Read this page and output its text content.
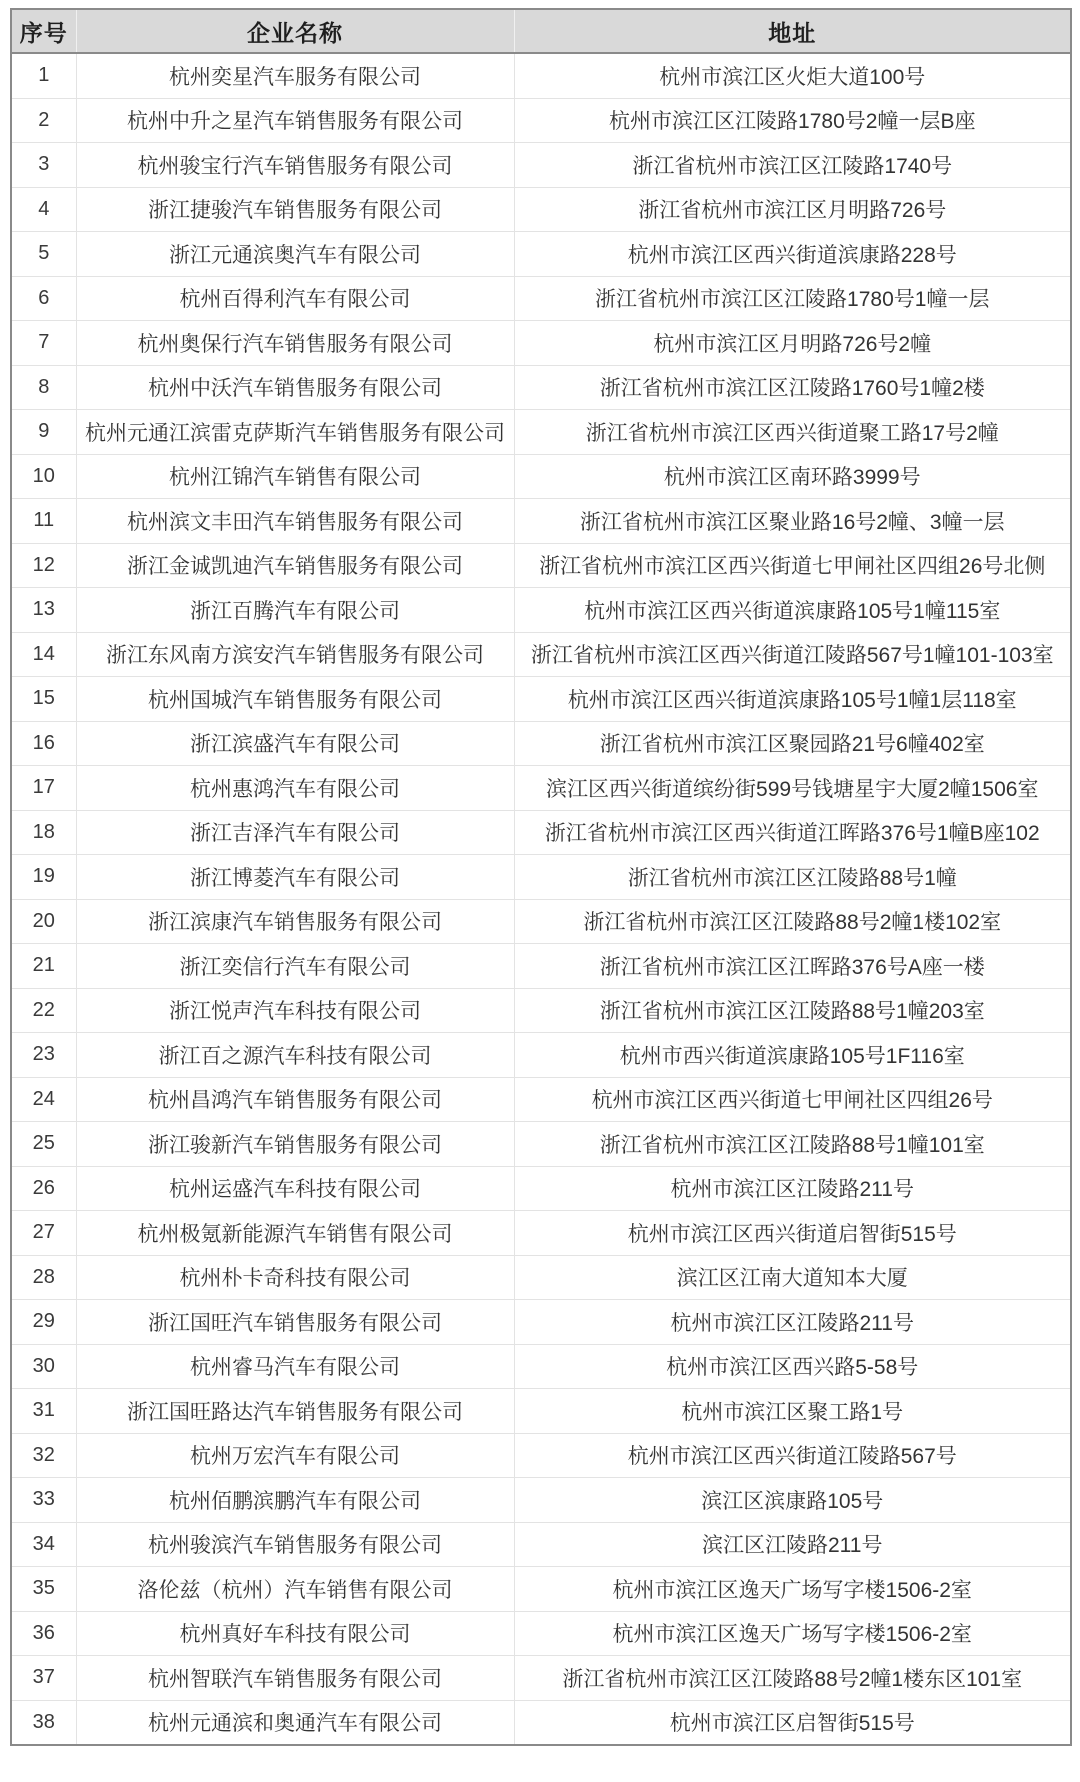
序号	企业名称	地址
1	杭州奕星汽车服务有限公司	杭州市滨江区火炬大道100号
2	杭州中升之星汽车销售服务有限公司	杭州市滨江区江陵路1780号2幢一层B座
3	杭州骏宝行汽车销售服务有限公司	浙江省杭州市滨江区江陵路1740号
4	浙江捷骏汽车销售服务有限公司	浙江省杭州市滨江区月明路726号
5	浙江元通滨奥汽车有限公司	杭州市滨江区西兴街道滨康路228号
6	杭州百得利汽车有限公司	浙江省杭州市滨江区江陵路1780号1幢一层
7	杭州奥保行汽车销售服务有限公司	杭州市滨江区月明路726号2幢
8	杭州中沃汽车销售服务有限公司	浙江省杭州市滨江区江陵路1760号1幢2楼
9	杭州元通江滨雷克萨斯汽车销售服务有限公司	浙江省杭州市滨江区西兴街道聚工路17号2幢
10	杭州江锦汽车销售有限公司	杭州市滨江区南环路3999号
11	杭州滨文丰田汽车销售服务有限公司	浙江省杭州市滨江区聚业路16号2幢、3幢一层
12	浙江金诚凯迪汽车销售服务有限公司	浙江省杭州市滨江区西兴街道七甲闸社区四组26号北侧
13	浙江百腾汽车有限公司	杭州市滨江区西兴街道滨康路105号1幢115室
14	浙江东风南方滨安汽车销售服务有限公司	浙江省杭州市滨江区西兴街道江陵路567号1幢101-103室
15	杭州国城汽车销售服务有限公司	杭州市滨江区西兴街道滨康路105号1幢1层118室
16	浙江滨盛汽车有限公司	浙江省杭州市滨江区聚园路21号6幢402室
17	杭州惠鸿汽车有限公司	滨江区西兴街道缤纷街599号钱塘星宇大厦2幢1506室
18	浙江吉泽汽车有限公司	浙江省杭州市滨江区西兴街道江晖路376号1幢B座102
19	浙江博菱汽车有限公司	浙江省杭州市滨江区江陵路88号1幢
20	浙江滨康汽车销售服务有限公司	浙江省杭州市滨江区江陵路88号2幢1楼102室
21	浙江奕信行汽车有限公司	浙江省杭州市滨江区江晖路376号A座一楼
22	浙江悦声汽车科技有限公司	浙江省杭州市滨江区江陵路88号1幢203室
23	浙江百之源汽车科技有限公司	杭州市西兴街道滨康路105号1F116室
24	杭州昌鸿汽车销售服务有限公司	杭州市滨江区西兴街道七甲闸社区四组26号
25	浙江骏新汽车销售服务有限公司	浙江省杭州市滨江区江陵路88号1幢101室
26	杭州运盛汽车科技有限公司	杭州市滨江区江陵路211号
27	杭州极氪新能源汽车销售有限公司	杭州市滨江区西兴街道启智街515号
28	杭州朴卡奇科技有限公司	滨江区江南大道知本大厦
29	浙江国旺汽车销售服务有限公司	杭州市滨江区江陵路211号
30	杭州睿马汽车有限公司	杭州市滨江区西兴路5-58号
31	浙江国旺路达汽车销售服务有限公司	杭州市滨江区聚工路1号
32	杭州万宏汽车有限公司	杭州市滨江区西兴街道江陵路567号
33	杭州佰鹏滨鹏汽车有限公司	滨江区滨康路105号
34	杭州骏滨汽车销售服务有限公司	滨江区江陵路211号
35	洛伦兹（杭州）汽车销售有限公司	杭州市滨江区逸天广场写字楼1506-2室
36	杭州真好车科技有限公司	杭州市滨江区逸天广场写字楼1506-2室
37	杭州智联汽车销售服务有限公司	浙江省杭州市滨江区江陵路88号2幢1楼东区101室
38	杭州元通滨和奥通汽车有限公司	杭州市滨江区启智街515号
